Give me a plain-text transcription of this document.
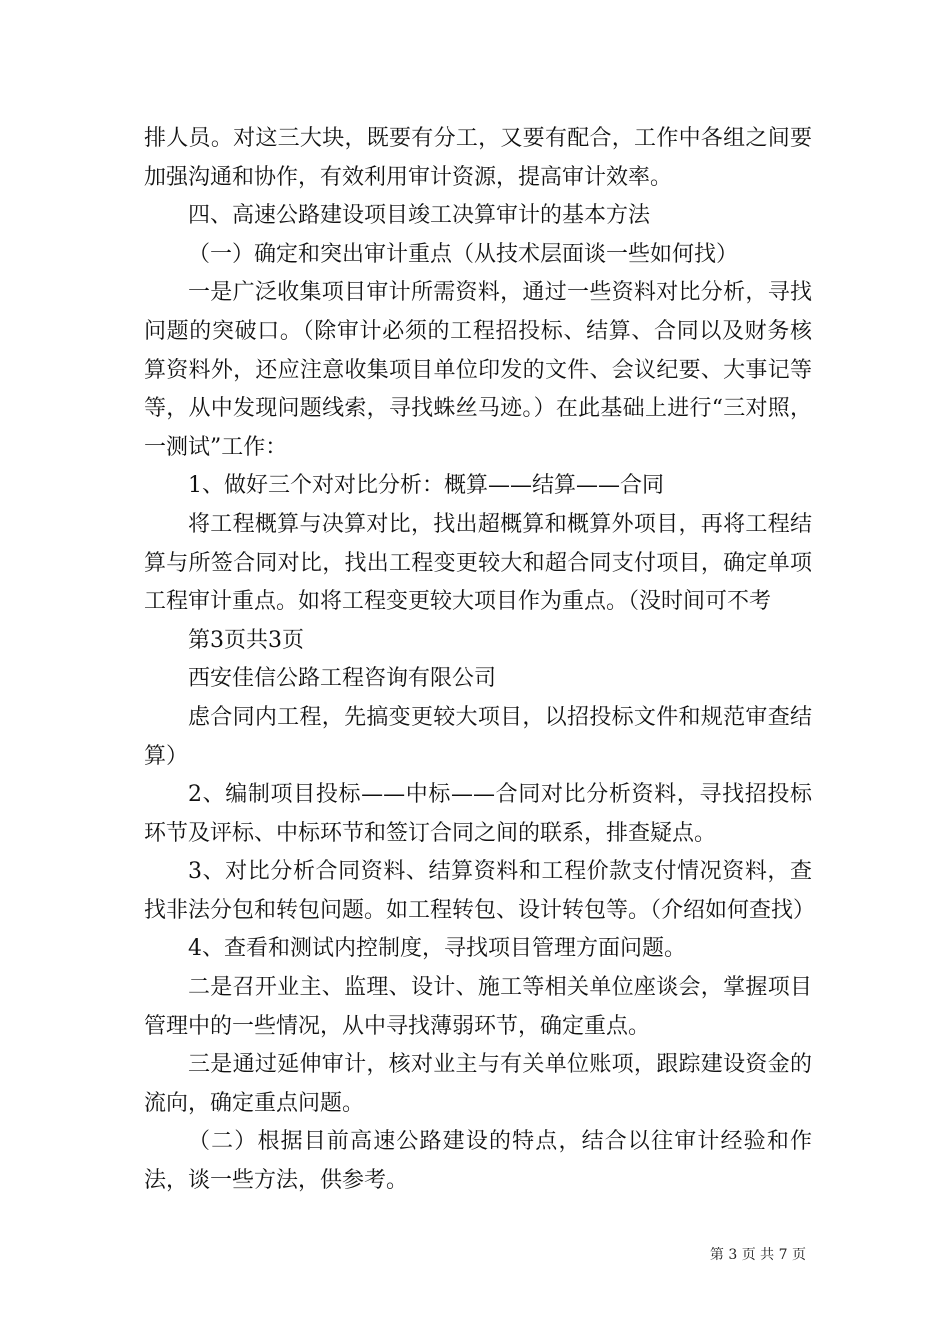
排人员。对这三大块，既要有分工，又要有配合，工作中各组之间要加强沟通和协作，有效利用审计资源，提高审计效率。

四、高速公路建设项目竣工决算审计的基本方法

（一）确定和突出审计重点（从技术层面谈一些如何找）

一是广泛收集项目审计所需资料，通过一些资料对比分析，寻找问题的突破口。（除审计必须的工程招投标、结算、合同以及财务核算资料外，还应注意收集项目单位印发的文件、会议纪要、大事记等等，从中发现问题线索，寻找蛛丝马迹。）在此基础上进行“三对照，一测试”工作：

1、做好三个对对比分析：概算——结算——合同

将工程概算与决算对比，找出超概算和概算外项目，再将工程结算与所签合同对比，找出工程变更较大和超合同支付项目，确定单项工程审计重点。如将工程变更较大项目作为重点。（没时间可不考

第3页共3页

西安佳信公路工程咨询有限公司

虑合同内工程，先搞变更较大项目，以招投标文件和规范审查结算）

2、编制项目投标——中标——合同对比分析资料，寻找招投标环节及评标、中标环节和签订合同之间的联系，排查疑点。

3、对比分析合同资料、结算资料和工程价款支付情况资料，查找非法分包和转包问题。如工程转包、设计转包等。（介绍如何查找）

4、查看和测试内控制度，寻找项目管理方面问题。

二是召开业主、监理、设计、施工等相关单位座谈会，掌握项目管理中的一些情况，从中寻找薄弱环节，确定重点。

三是通过延伸审计，核对业主与有关单位账项，跟踪建设资金的流向，确定重点问题。

（二）根据目前高速公路建设的特点，结合以往审计经验和作法，谈一些方法，供参考。

第 3 页 共 7 页
